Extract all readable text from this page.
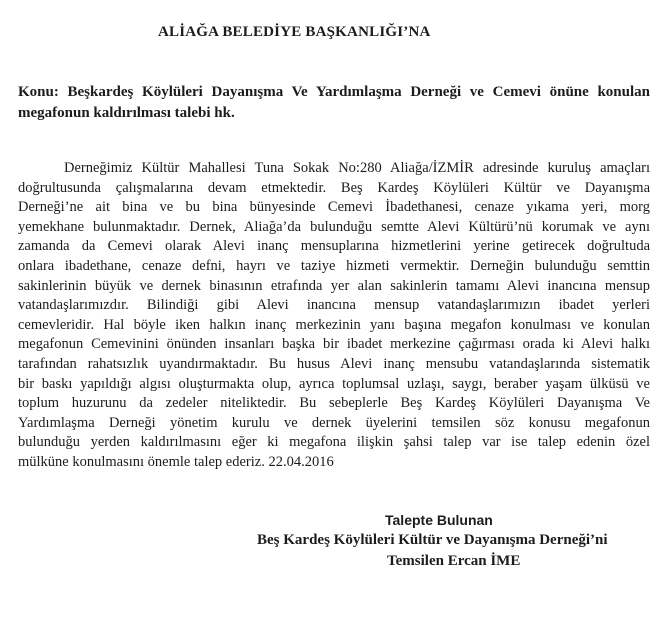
ALİAĞA BELEDİYE BAŞKANLIĞI’NA
Konu: Beşkardeş Köylüleri Dayanışma Ve Yardımlaşma Derneği ve Cemevi önüne konulan
megafonun kaldırılması talebi hk.
Derneğimiz Kültür Mahallesi Tuna Sokak No:280 Aliağa/İZMİR adresinde kuruluş amaçları
doğrultusunda çalışmalarına devam etmektedir. Beş Kardeş Köylüleri Kültür ve Dayanışma
Derneği’ne ait bina ve bu bina bünyesinde Cemevi İbadethanesi, cenaze yıkama yeri, morg
yemekhane bulunmaktadır. Dernek, Aliağa’da bulunduğu semtte Alevi Kültürü’nü korumak ve aynı
zamanda da Cemevi olarak Alevi inanç mensuplarına hizmetlerini yerine getirecek doğrultuda
onlara ibadethane, cenaze defni, hayrı ve taziye hizmeti vermektir. Derneğin bulunduğu semttin
sakinlerinin büyük ve dernek binasının etrafında yer alan sakinlerin tamamı Alevi inancına mensup
vatandaşlarımızdır. Bilindiği gibi Alevi inancına mensup vatandaşlarımızın ibadet yerleri
cemevleridir. Hal böyle iken halkın inanç merkezinin yanı başına megafon konulması ve konulan
megafonun Cemevinini önünden insanları başka bir ibadet merkezine çağırması orada ki Alevi halkı
tarafından rahatsızlık uyandırmaktadır. Bu husus Alevi inanç mensubu vatandaşlarında sistematik
bir baskı yapıldığı algısı oluşturmakta olup, ayrıca toplumsal uzlaşı, saygı, beraber yaşam ülküsü ve
toplum huzurunu da zedeler niteliktedir. Bu sebeplerle Beş Kardeş Köylüleri Dayanışma Ve
Yardımlaşma Derneği yönetim kurulu ve dernek üyelerini temsilen söz konusu megafonun
bulunduğu yerden kaldırılmasını eğer ki megafona ilişkin şahsi talep var ise talep edenin özel
mülküne konulmasını önemle talep ederiz. 22.04.2016
Talepte Bulunan
Beş Kardeş Köylüleri Kültür ve Dayanışma Derneği’ni
Temsilen Ercan İME
